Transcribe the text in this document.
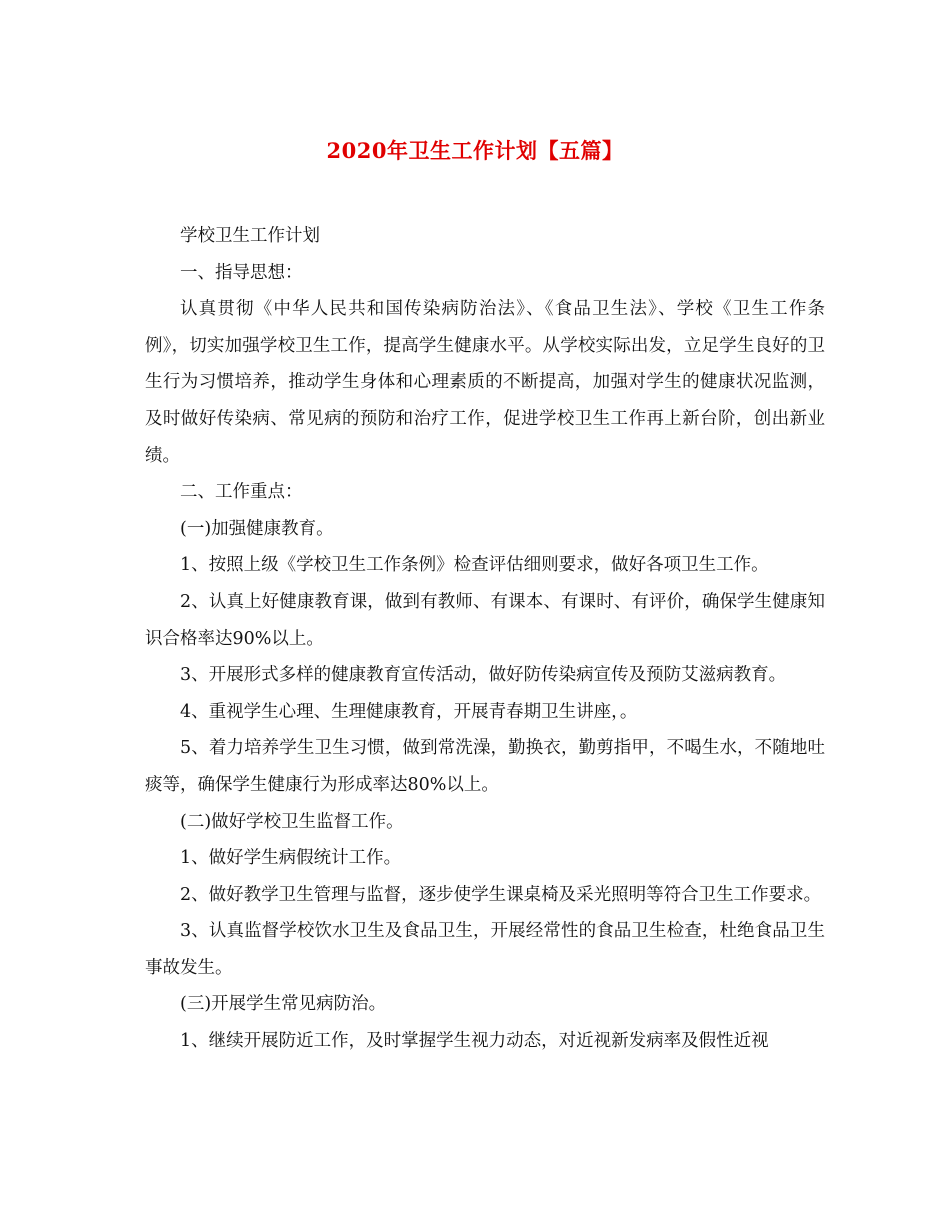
2020年卫生工作计划【五篇】

学校卫生工作计划

一、指导思想：

认真贯彻《中华人民共和国传染病防治法》、《食品卫生法》、学校《卫生工作条例》，切实加强学校卫生工作，提高学生健康水平。从学校实际出发，立足学生良好的卫生行为习惯培养，推动学生身体和心理素质的不断提高，加强对学生的健康状况监测，及时做好传染病、常见病的预防和治疗工作，促进学校卫生工作再上新台阶，创出新业绩。

二、工作重点：

(一)加强健康教育。

1、按照上级《学校卫生工作条例》检查评估细则要求，做好各项卫生工作。

2、认真上好健康教育课，做到有教师、有课本、有课时、有评价，确保学生健康知识合格率达90%以上。

3、开展形式多样的健康教育宣传活动，做好防传染病宣传及预防艾滋病教育。

4、重视学生心理、生理健康教育，开展青春期卫生讲座，。

5、着力培养学生卫生习惯，做到常洗澡，勤换衣，勤剪指甲，不喝生水，不随地吐痰等，确保学生健康行为形成率达80%以上。

(二)做好学校卫生监督工作。

1、做好学生病假统计工作。

2、做好教学卫生管理与监督，逐步使学生课桌椅及采光照明等符合卫生工作要求。

3、认真监督学校饮水卫生及食品卫生，开展经常性的食品卫生检查，杜绝食品卫生事故发生。

(三)开展学生常见病防治。

1、继续开展防近工作，及时掌握学生视力动态，对近视新发病率及假性近视
